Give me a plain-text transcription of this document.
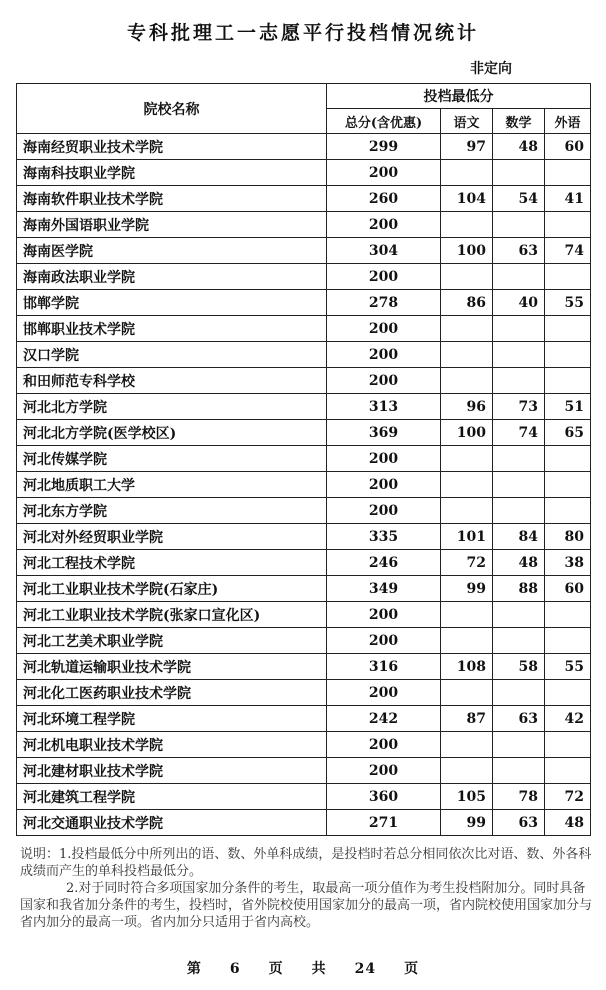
专科批理工一志愿平行投档情况统计
非定向
院校名称	投档最低分			
	总分(含优惠)	语文	数学	外语
海南经贸职业技术学院	299	97	48	60
海南科技职业学院	200			
海南软件职业技术学院	260	104	54	41
海南外国语职业学院	200			
海南医学院	304	100	63	74
海南政法职业学院	200			
邯郸学院	278	86	40	55
邯郸职业技术学院	200			
汉口学院	200			
和田师范专科学校	200			
河北北方学院	313	96	73	51
河北北方学院(医学校区)	369	100	74	65
河北传媒学院	200			
河北地质职工大学	200			
河北东方学院	200			
河北对外经贸职业学院	335	101	84	80
河北工程技术学院	246	72	48	38
河北工业职业技术学院(石家庄)	349	99	88	60
河北工业职业技术学院(张家口宣化区)	200			
河北工艺美术职业学院	200			
河北轨道运输职业技术学院	316	108	58	55
河北化工医药职业技术学院	200			
河北环境工程学院	242	87	63	42
河北机电职业技术学院	200			
河北建材职业技术学院	200			
河北建筑工程学院	360	105	78	72
河北交通职业技术学院	271	99	63	48

说明：1.投档最低分中所列出的语、数、外单科成绩，是投档时若总分相同依次比对语、数、外各科成绩而产生的单科投档最低分。

2.对于同时符合多项国家加分条件的考生，取最高一项分值作为考生投档附加分。同时具备国家和我省加分条件的考生，投档时，省外院校使用国家加分的最高一项，省内院校使用国家加分与省内加分的最高一项。省内加分只适用于省内高校。

第 6 页 共 24 页
